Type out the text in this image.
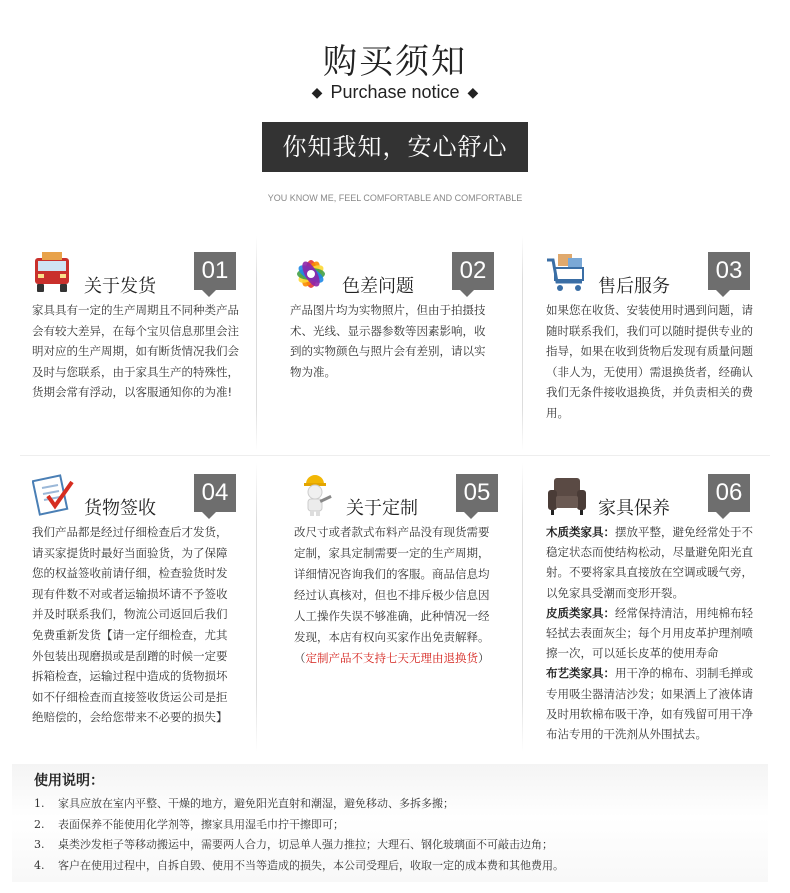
购买须知
◆ Purchase notice ◆
你知我知，安心舒心
YOU KNOW ME, FEEL COMFORTABLE AND COMFORTABLE
关于发货
01
家具具有一定的生产周期且不同种类产品会有较大差异，在每个宝贝信息那里会注明对应的生产周期，如有断货情况我们会及时与您联系，由于家具生产的特殊性，货期会常有浮动，以客服通知你的为准!
色差问题
02
产品图片均为实物照片，但由于拍摄技术、光线、显示器参数等因素影响，收到的实物颜色与照片会有差别，请以实物为准。
售后服务
03
如果您在收货、安装使用时遇到问题，请随时联系我们，我们可以随时提供专业的指导，如果在收到货物后发现有质量问题（非人为，无使用）需退换货者，经确认我们无条件接收退换货，并负责相关的费用。
货物签收
04
我们产品都是经过仔细检查后才发货，请买家提货时最好当面验货，为了保障您的权益签收前请仔细，检查验货时发现有件数不对或者运输损坏请不予签收并及时联系我们，物流公司返回后我们免费重新发货【请一定仔细检查，尤其外包装出现磨损或是刮蹭的时候一定要拆箱检查，运输过程中造成的货物损坏如不仔细检查而直接签收货运公司是拒绝赔偿的，会给您带来不必要的损失】
关于定制
05
改尺寸或者款式布料产品没有现货需要定制，家具定制需要一定的生产周期，详细情况咨询我们的客服。商品信息均经过认真核对，但也不排斥极少信息因人工操作失误不够准确，此种情况一经发现，本店有权向买家作出免责解释。（定制产品不支持七天无理由退换货）
家具保养
06
木质类家具：摆放平整，避免经常处于不稳定状态而使结构松动，尽量避免阳光直射。不要将家具直接放在空调或暖气旁，以免家具受潮而变形开裂。
皮质类家具：经常保持清洁，用纯棉布轻轻拭去表面灰尘；每个月用皮革护理剂喷擦一次，可以延长皮革的使用寿命
布艺类家具：用干净的棉布、羽制毛掸或专用吸尘器清洁沙发；如果洒上了液体请及时用软棉布吸干净，如有残留可用干净布沾专用的干洗剂从外围拭去。
使用说明：
1. 家具应放在室内平整、干燥的地方，避免阳光直射和潮湿，避免移动、多拆多搬；
2. 表面保养不能使用化学剂等，擦家具用湿毛巾拧干擦即可；
3. 桌类沙发柜子等移动搬运中，需要两人合力，切忌单人强力推拉；大理石、钢化玻璃面不可敲击边角；
4. 客户在使用过程中，自拆自毁、使用不当等造成的损失，本公司受理后，收取一定的成本费和其他费用。
